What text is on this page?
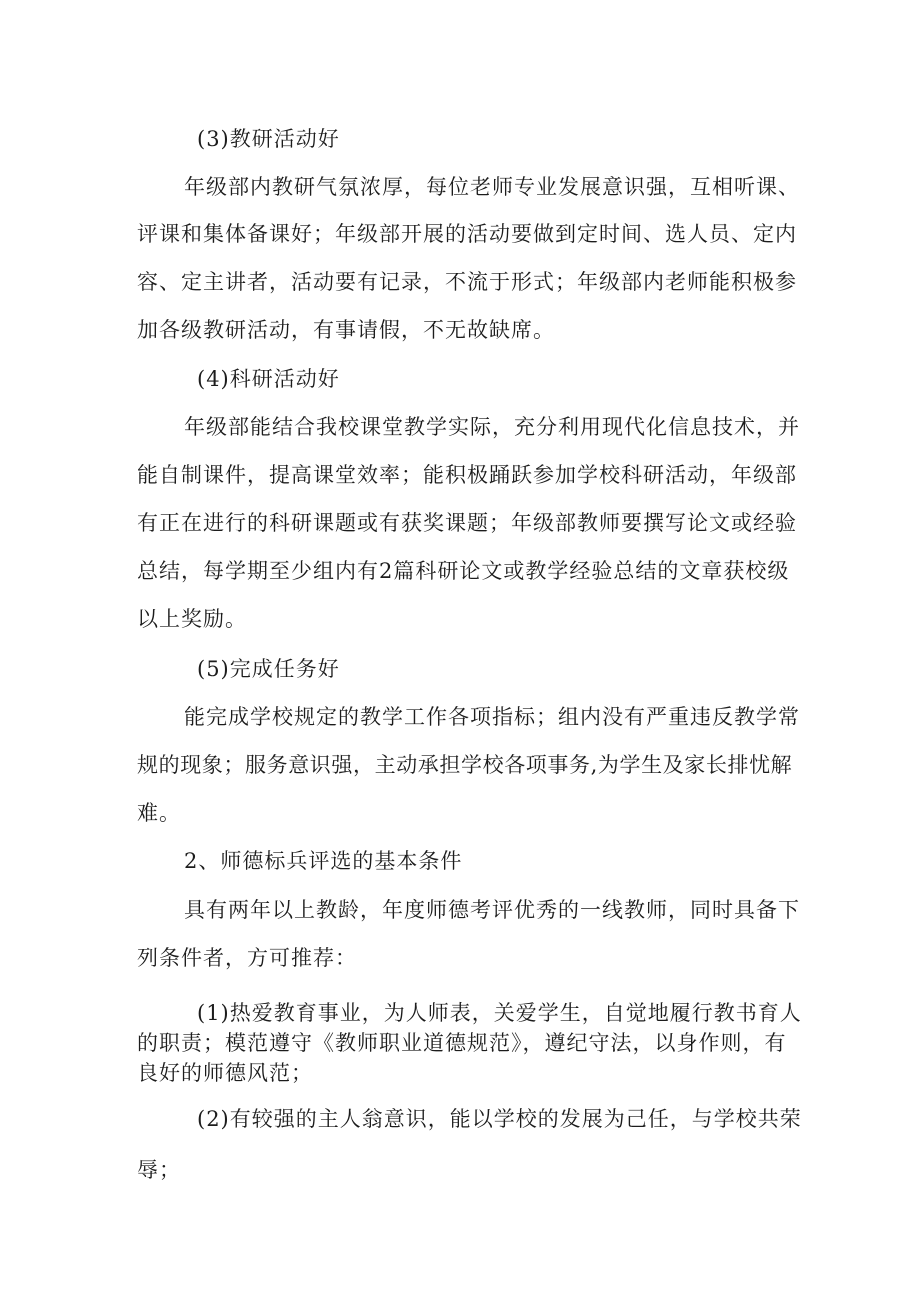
(3)教研活动好
年级部内教研气氛浓厚，每位老师专业发展意识强，互相听课、
评课和集体备课好；年级部开展的活动要做到定时间、选人员、定内
容、定主讲者，活动要有记录，不流于形式；年级部内老师能积极参
加各级教研活动，有事请假，不无故缺席。
(4)科研活动好
年级部能结合我校课堂教学实际，充分利用现代化信息技术，并
能自制课件，提高课堂效率；能积极踊跃参加学校科研活动，年级部
有正在进行的科研课题或有获奖课题；年级部教师要撰写论文或经验
总结，每学期至少组内有2篇科研论文或教学经验总结的文章获校级
以上奖励。
(5)完成任务好
能完成学校规定的教学工作各项指标；组内没有严重违反教学常
规的现象；服务意识强，主动承担学校各项事务,为学生及家长排忧解
难。
2、师德标兵评选的基本条件
具有两年以上教龄，年度师德考评优秀的一线教师，同时具备下
列条件者，方可推荐：
(1)热爱教育事业，为人师表，关爱学生，自觉地履行教书育人
的职责；模范遵守《教师职业道德规范》，遵纪守法，以身作则，有
良好的师德风范；
(2)有较强的主人翁意识，能以学校的发展为己任，与学校共荣
辱；
